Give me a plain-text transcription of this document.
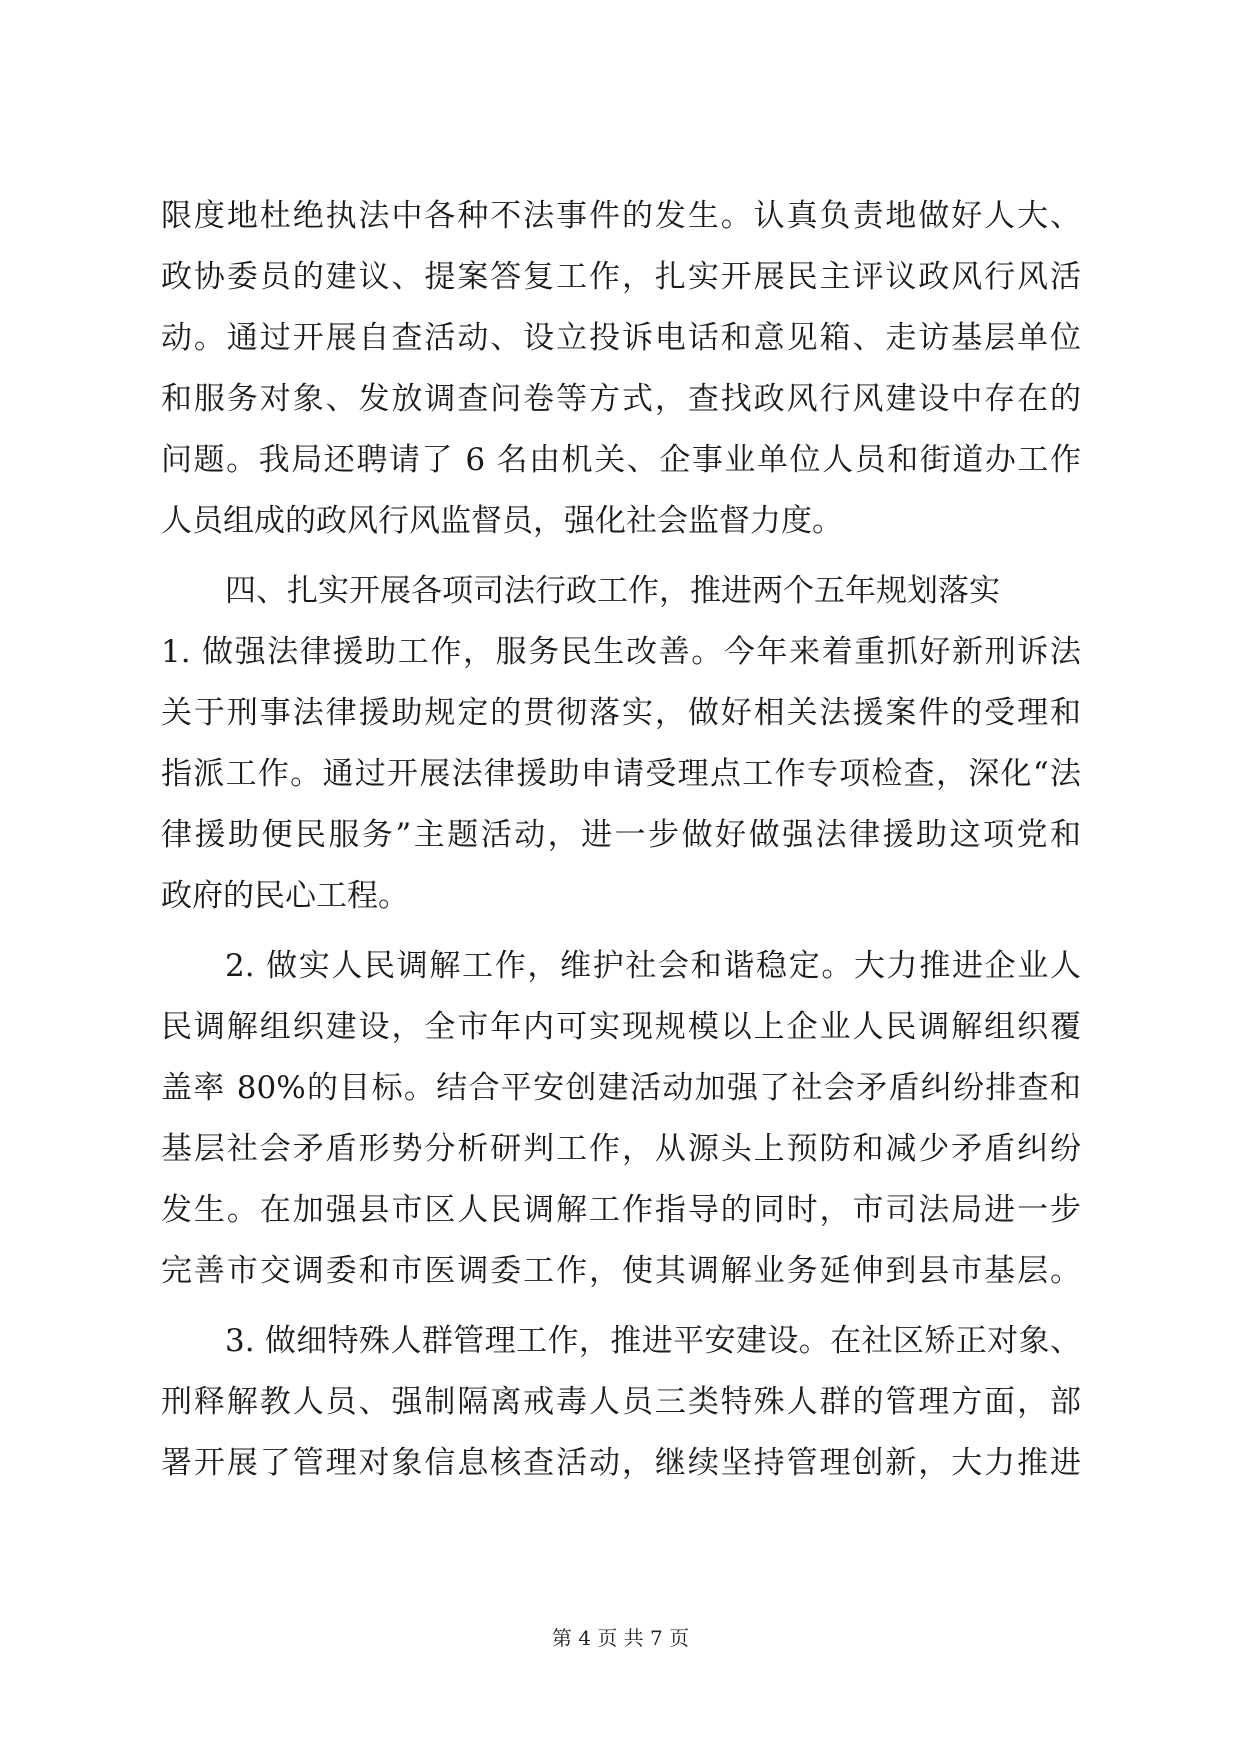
限度地杜绝执法中各种不法事件的发生。认真负责地做好人大、
政协委员的建议、提案答复工作，扎实开展民主评议政风行风活
动。通过开展自查活动、设立投诉电话和意见箱、走访基层单位
和服务对象、发放调查问卷等方式，查找政风行风建设中存在的
问题。我局还聘请了 6 名由机关、企事业单位人员和街道办工作
人员组成的政风行风监督员，强化社会监督力度。
四、扎实开展各项司法行政工作，推进两个五年规划落实
1. 做强法律援助工作，服务民生改善。今年来着重抓好新刑诉法
关于刑事法律援助规定的贯彻落实，做好相关法援案件的受理和
指派工作。通过开展法律援助申请受理点工作专项检查，深化“法
律援助便民服务”主题活动，进一步做好做强法律援助这项党和
政府的民心工程。
2. 做实人民调解工作，维护社会和谐稳定。大力推进企业人
民调解组织建设，全市年内可实现规模以上企业人民调解组织覆
盖率 80%的目标。结合平安创建活动加强了社会矛盾纠纷排查和
基层社会矛盾形势分析研判工作，从源头上预防和减少矛盾纠纷
发生。在加强县市区人民调解工作指导的同时，市司法局进一步
完善市交调委和市医调委工作，使其调解业务延伸到县市基层。
3. 做细特殊人群管理工作，推进平安建设。在社区矫正对象、
刑释解教人员、强制隔离戒毒人员三类特殊人群的管理方面，部
署开展了管理对象信息核查活动，继续坚持管理创新，大力推进
第 4 页 共 7 页
